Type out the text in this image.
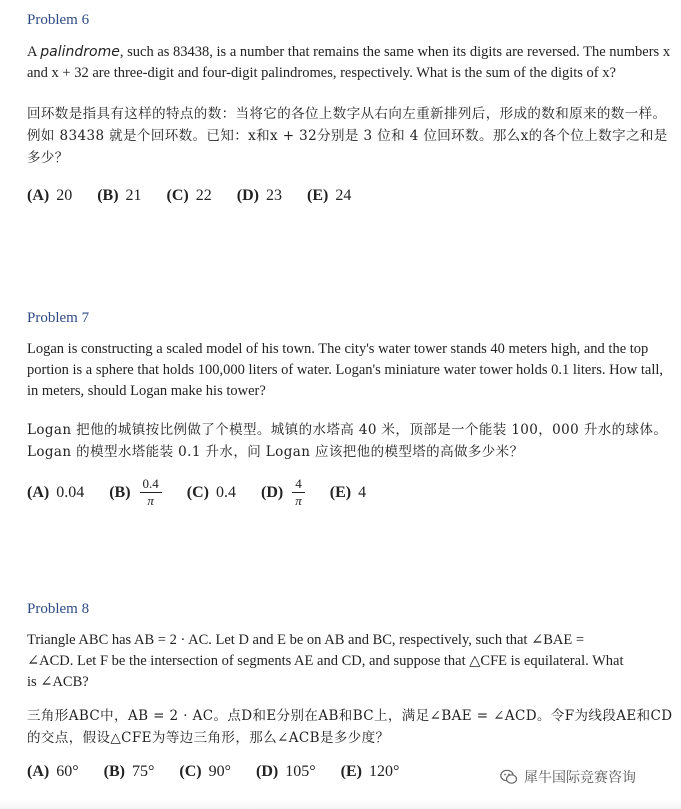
Problem 6
A palindrome, such as 83438, is a number that remains the same when its digits are reversed. The numbers x and x + 32 are three-digit and four-digit palindromes, respectively. What is the sum of the digits of x?
回环数是指具有这样的特点的数：当将它的各位上数字从右向左重新排列后，形成的数和原来的数一样。例如 83438 就是个回环数。已知：x和x + 32分别是 3 位和 4 位回环数。那么x的各个位上数字之和是多少？
(A) 20 (B) 21 (C) 22 (D) 23 (E) 24
Problem 7
Logan is constructing a scaled model of his town. The city's water tower stands 40 meters high, and the top portion is a sphere that holds 100,000 liters of water. Logan's miniature water tower holds 0.1 liters. How tall, in meters, should Logan make his tower?
Logan 把他的城镇按比例做了个模型。城镇的水塔高 40 米，顶部是一个能装 100，000 升水的球体。Logan 的模型水塔能装 0.1 升水，问 Logan 应该把他的模型塔的高做多少米？
(A) 0.04 $(B) \frac{0.4}{\pi} (C)$ 0.4 $(D) \frac{4}{\pi} (E)$ 4
Problem 8
Triangle ABC has AB = 2 · AC. Let D and E be on AB and BC, respectively, such that ∠BAE = ∠ACD. Let F be the intersection of segments AE and CD, and suppose that △CFE is equilateral. What is ∠ACB?
三角形ABC中，AB = 2 · AC。点D和E分别在AB和BC上，满足∠BAE = ∠ACD。令F为线段AE和CD的交点，假设△CFE为等边三角形，那么∠ACB是多少度？
(A) 60° (B) 75° (C) 90° (D) 105° (E) 120°	犀牛国际竞赛咨询
